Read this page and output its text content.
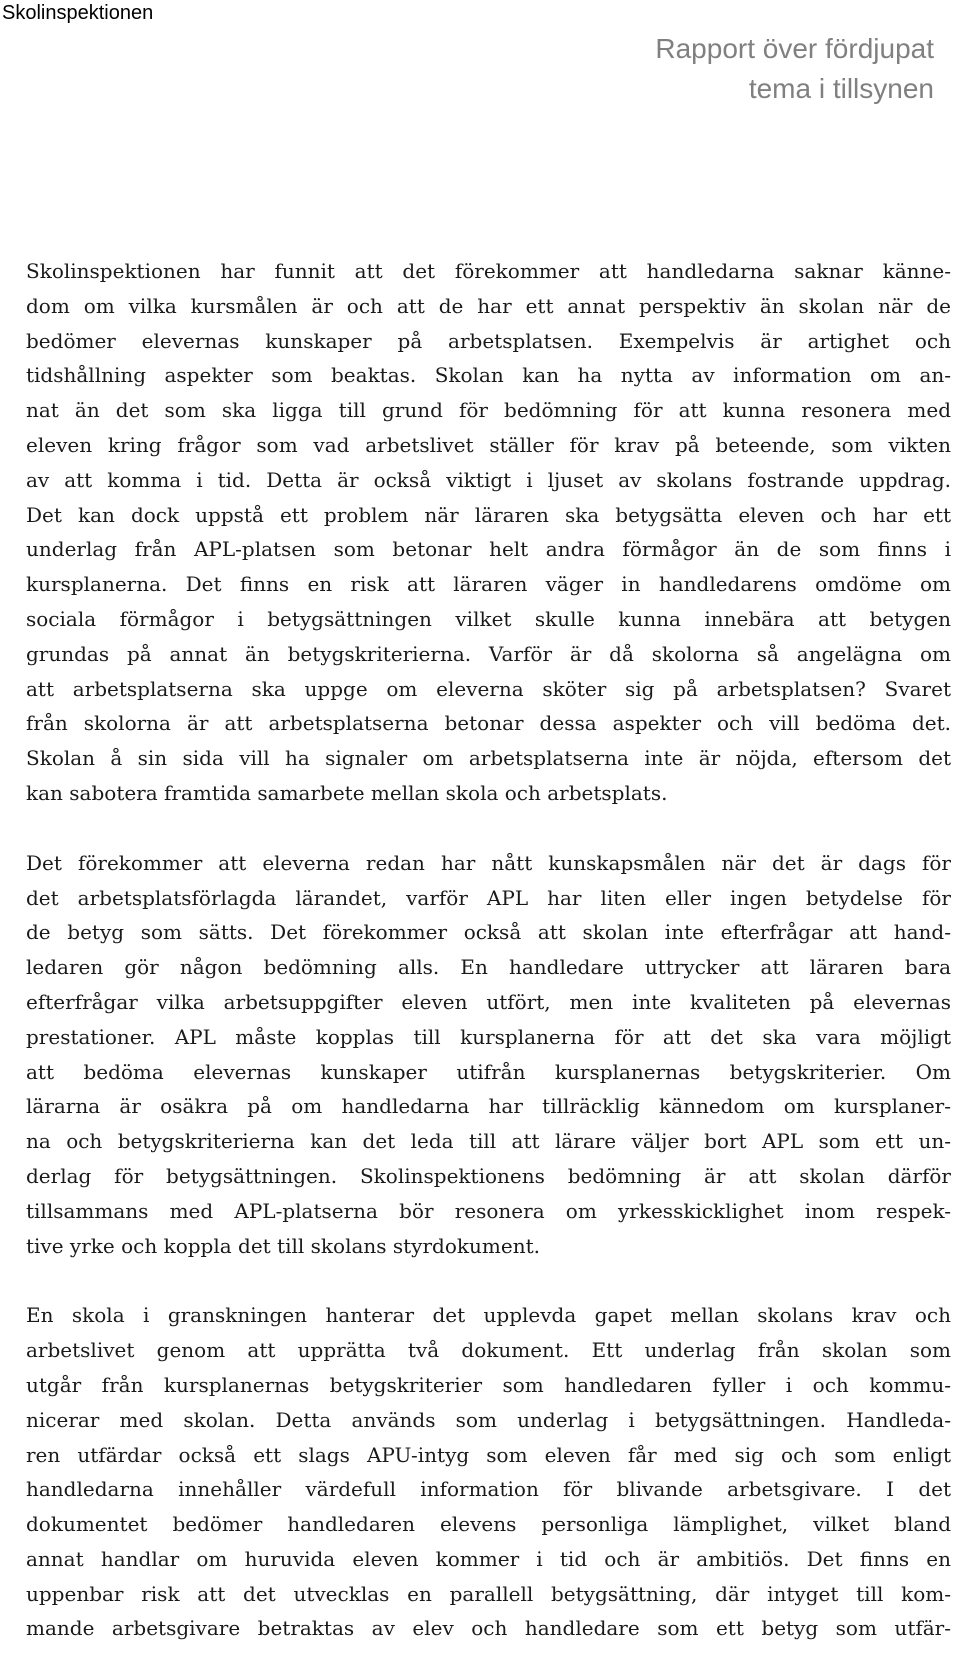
Skolinspektionen
Rapport över fördjupat
tema i tillsynen

Skolinspektionen har funnit att det förekommer att handledarna saknar känne-
dom om vilka kursmålen är och att de har ett annat perspektiv än skolan när de
bedömer elevernas kunskaper på arbetsplatsen. Exempelvis är artighet och
tidshållning aspekter som beaktas. Skolan kan ha nytta av information om an-
nat än det som ska ligga till grund för bedömning för att kunna resonera med
eleven kring frågor som vad arbetslivet ställer för krav på beteende, som vikten
av att komma i tid. Detta är också viktigt i ljuset av skolans fostrande uppdrag.
Det kan dock uppstå ett problem när läraren ska betygsätta eleven och har ett
underlag från APL-platsen som betonar helt andra förmågor än de som finns i
kursplanerna. Det finns en risk att läraren väger in handledarens omdöme om
sociala förmågor i betygsättningen vilket skulle kunna innebära att betygen
grundas på annat än betygskriterierna. Varför är då skolorna så angelägna om
att arbetsplatserna ska uppge om eleverna sköter sig på arbetsplatsen? Svaret
från skolorna är att arbetsplatserna betonar dessa aspekter och vill bedöma det.
Skolan å sin sida vill ha signaler om arbetsplatserna inte är nöjda, eftersom det
kan sabotera framtida samarbete mellan skola och arbetsplats.

Det förekommer att eleverna redan har nått kunskapsmålen när det är dags för
det arbetsplatsförlagda lärandet, varför APL har liten eller ingen betydelse för
de betyg som sätts. Det förekommer också att skolan inte efterfrågar att hand-
ledaren gör någon bedömning alls. En handledare uttrycker att läraren bara
efterfrågar vilka arbetsuppgifter eleven utfört, men inte kvaliteten på elevernas
prestationer. APL måste kopplas till kursplanerna för att det ska vara möjligt
att bedöma elevernas kunskaper utifrån kursplanernas betygskriterier. Om
lärarna är osäkra på om handledarna har tillräcklig kännedom om kursplaner-
na och betygskriterierna kan det leda till att lärare väljer bort APL som ett un-
derlag för betygsättningen. Skolinspektionens bedömning är att skolan därför
tillsammans med APL-platserna bör resonera om yrkesskicklighet inom respek-
tive yrke och koppla det till skolans styrdokument.

En skola i granskningen hanterar det upplevda gapet mellan skolans krav och
arbetslivet genom att upprätta två dokument. Ett underlag från skolan som
utgår från kursplanernas betygskriterier som handledaren fyller i och kommu-
nicerar med skolan. Detta används som underlag i betygsättningen. Handleda-
ren utfärdar också ett slags APU-intyg som eleven får med sig och som enligt
handledarna innehåller värdefull information för blivande arbetsgivare. I det
dokumentet bedömer handledaren elevens personliga lämplighet, vilket bland
annat handlar om huruvida eleven kommer i tid och är ambitiös. Det finns en
uppenbar risk att det utvecklas en parallell betygsättning, där intyget till kom-
mande arbetsgivare betraktas av elev och handledare som ett betyg som utfär-
